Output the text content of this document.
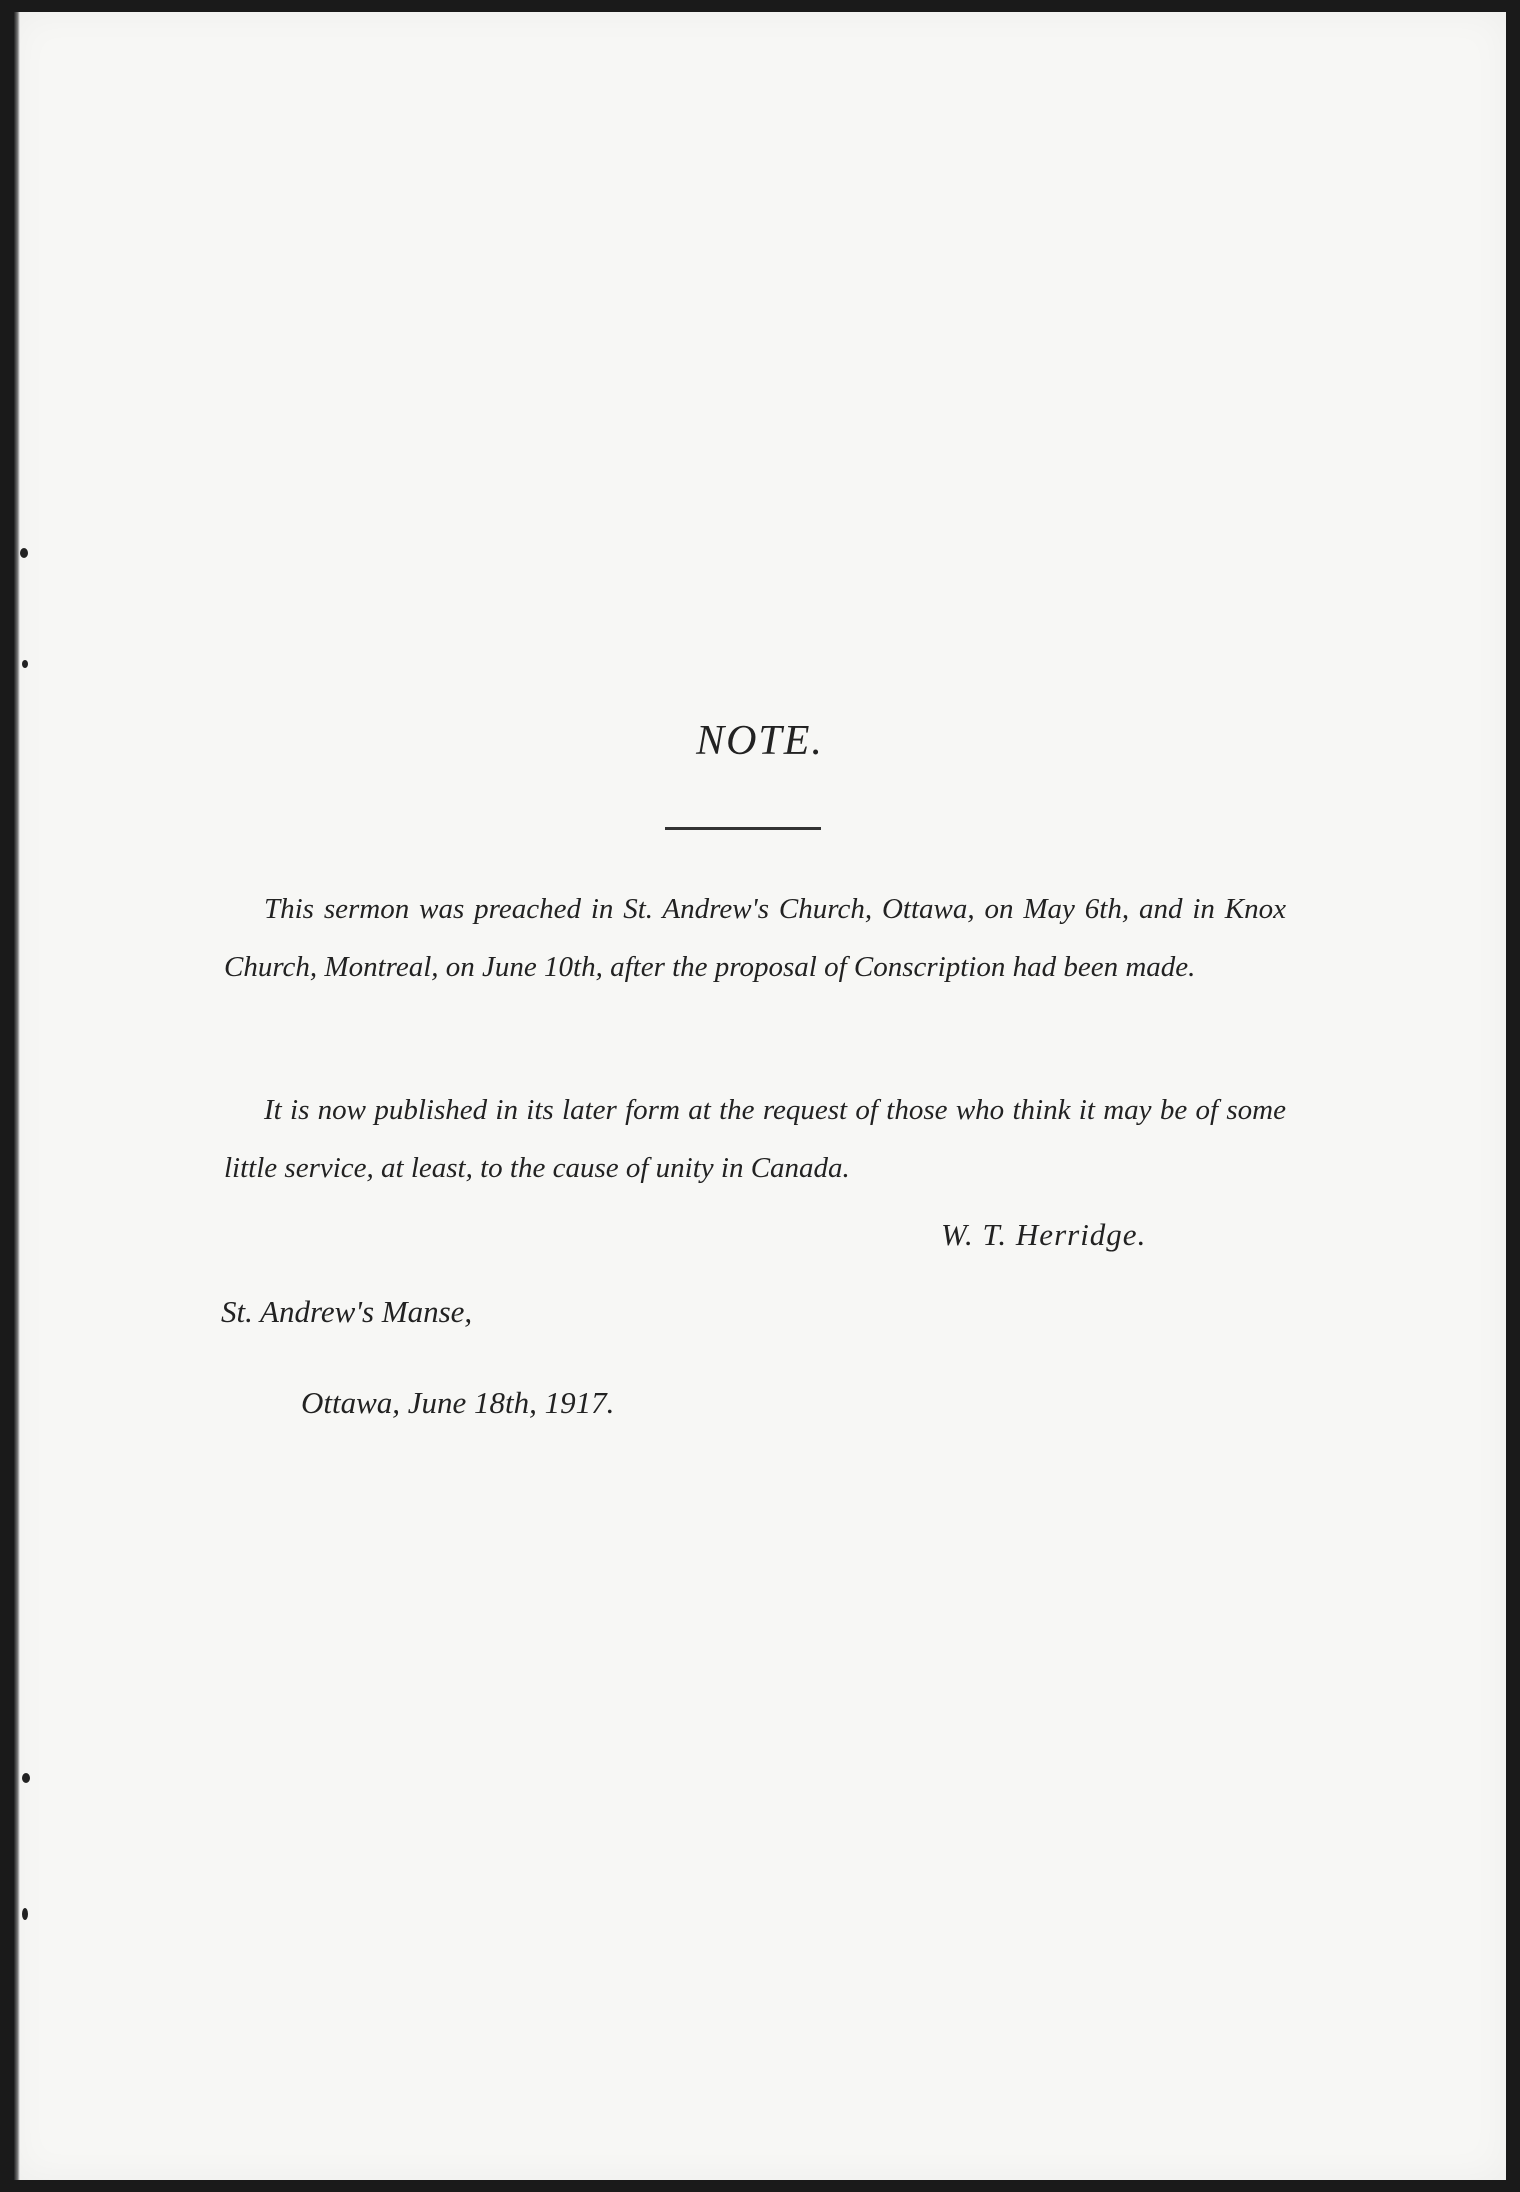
NOTE.

This sermon was preached in St. Andrew's Church, Ottawa, on May 6th, and in Knox Church, Montreal, on June 10th, after the proposal of Conscription had been made.

It is now published in its later form at the request of those who think it may be of some little service, at least, to the cause of unity in Canada.

W. T. Herridge.
St. Andrew's Manse,
Ottawa, June 18th, 1917.
